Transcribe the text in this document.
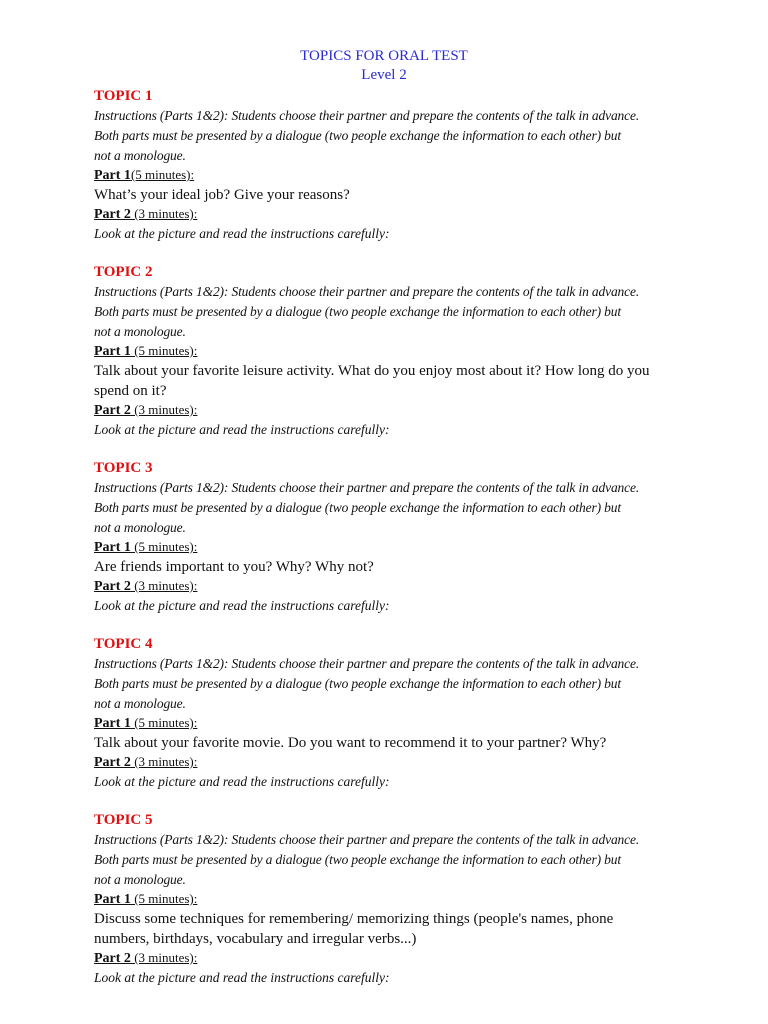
TOPICS FOR ORAL TEST
Level 2
TOPIC 1
Instructions (Parts 1&2): Students choose their partner and prepare the contents of the talk in advance.
Both parts must be presented by a dialogue (two people exchange the information to each other) but
not a monologue.
Part 1(5 minutes):
What’s your ideal job? Give your reasons?
Part 2 (3 minutes):
Look at the picture and read the instructions carefully:
TOPIC 2
Instructions (Parts 1&2): Students choose their partner and prepare the contents of the talk in advance.
Both parts must be presented by a dialogue (two people exchange the information to each other) but
not a monologue.
Part 1 (5 minutes):
Talk about your favorite leisure activity. What do you enjoy most about it? How long do you
spend on it?
Part 2 (3 minutes):
Look at the picture and read the instructions carefully:
TOPIC 3
Instructions (Parts 1&2): Students choose their partner and prepare the contents of the talk in advance.
Both parts must be presented by a dialogue (two people exchange the information to each other) but
not a monologue.
Part 1 (5 minutes):
Are friends important to you? Why? Why not?
Part 2 (3 minutes):
Look at the picture and read the instructions carefully:
TOPIC 4
Instructions (Parts 1&2): Students choose their partner and prepare the contents of the talk in advance.
Both parts must be presented by a dialogue (two people exchange the information to each other) but
not a monologue.
Part 1 (5 minutes):
Talk about your favorite movie. Do you want to recommend it to your partner? Why?
Part 2 (3 minutes):
Look at the picture and read the instructions carefully:
TOPIC 5
Instructions (Parts 1&2): Students choose their partner and prepare the contents of the talk in advance.
Both parts must be presented by a dialogue (two people exchange the information to each other) but
not a monologue.
Part 1 (5 minutes):
Discuss some techniques for remembering/ memorizing things (people's names, phone
numbers, birthdays, vocabulary and irregular verbs...)
Part 2 (3 minutes):
Look at the picture and read the instructions carefully:
